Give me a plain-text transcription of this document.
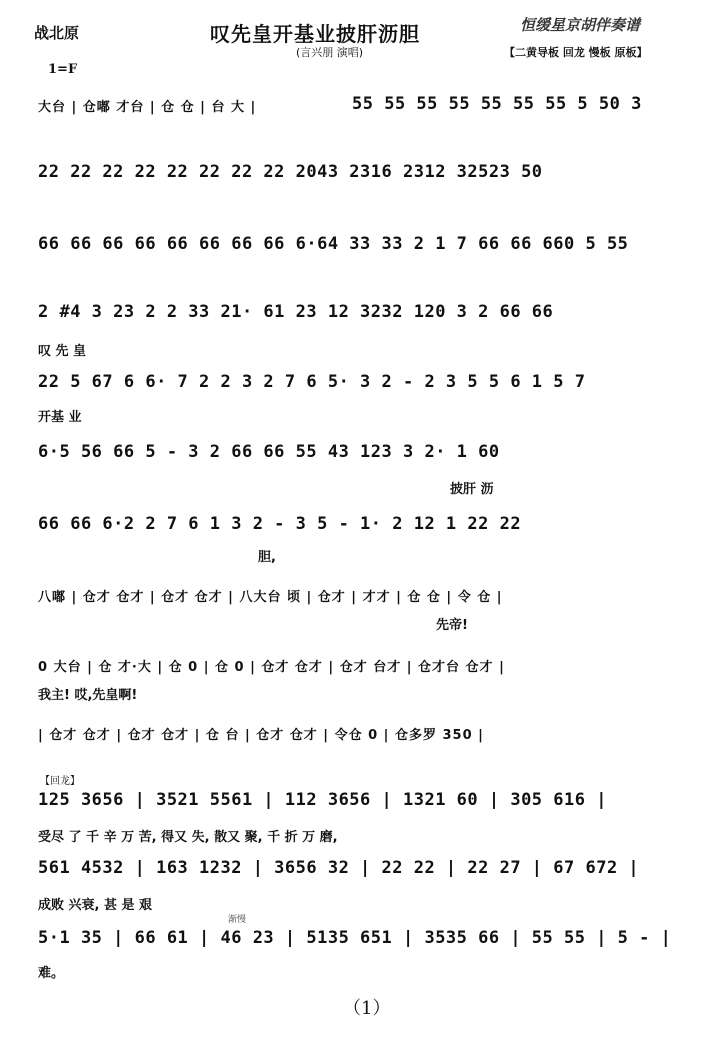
战北原	叹先皇开基业披肝沥胆
(言兴朋 演唱)
恒缓星京胡伴奏谱
【二黄导板 回龙 慢板 原板】
1=F
大台 | 仓嘟 才台 | 仓 仓 | 台 大 |	55 55 55 55 55 55 55 5 50 3
22 22 22 22 22 22 22 22 2043 2316 2312 32523 50
66 66 66 66 66 66 66 66 6·64 33 33 2 1 7 66 66 660 5 55
2 #4 3 23 2 2 33 21· 61 23 12 3232 120 3 2 66 66
叹 先 皇
22 5 67 6 6· 7 2 2 3 2 7 6 5· 3 2 - 2 3 5 5 6 1 5 7
开基 业
6·5 56 66 5 - 3 2 66 66 55 43 123 3 2· 1 60
披肝 沥
66 66 6·2 2 7 6 1 3 2 - 3 5 - 1· 2 12 1 22 22
胆,
八嘟 | 仓才 仓才 | 仓才 仓才 | 八大台 顷 | 仓才 | 才才 | 仓 仓 | 令 仓 |
先帝!
0 大台 | 仓 才·大 | 仓 0 | 仓 0 | 仓才 仓才 | 仓才 台才 | 仓才台 仓才 |
我主! 哎,先皇啊!
| 仓才 仓才 | 仓才 仓才 | 仓 台 | 仓才 仓才 | 令仓 0 | 仓多罗 350 |
【回龙】
125 3656 | 3521 5561 | 112 3656 | 1321 60 | 305 616 |
受尽 了 千 辛 万 苦, 得又 失, 散又 聚, 千 折 万 磨,
561 4532 | 163 1232 | 3656 32 | 22 22 | 22 27 | 67 672 |
成败 兴衰, 甚 是 艰
渐慢
5·1 35 | 66 61 | 46 23 | 5135 651 | 3535 66 | 55 55 | 5 - |
难。
（1）
